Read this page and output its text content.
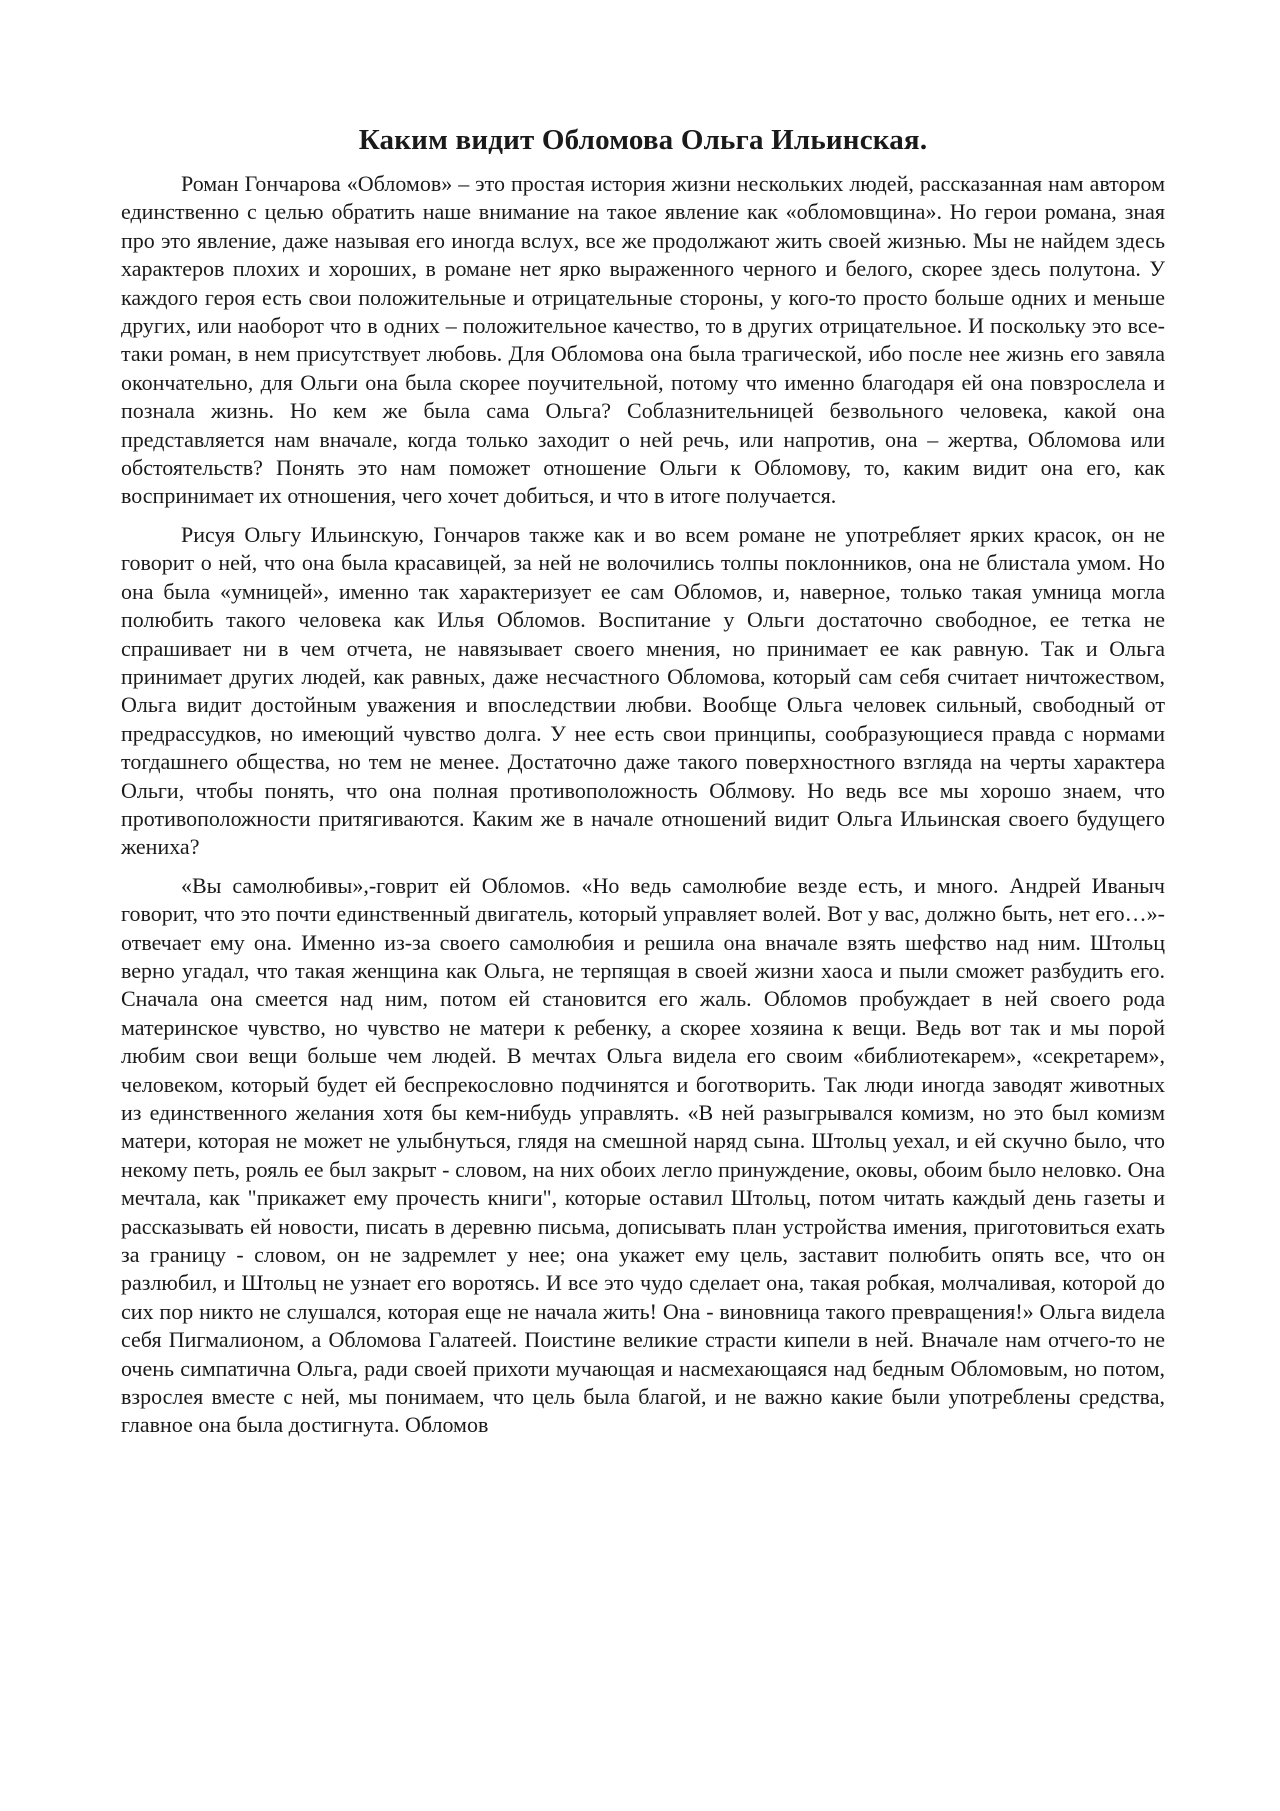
Каким видит Обломова Ольга Ильинская.

Роман Гончарова «Обломов» – это простая история жизни нескольких людей, рассказанная нам автором единственно с целью обратить наше внимание на такое явление как «обломовщина». Но герои романа, зная про это явление, даже называя его иногда вслух, все же продолжают жить своей жизнью. Мы не найдем здесь характеров плохих и хороших, в романе нет ярко выраженного черного и белого, скорее здесь полутона. У каждого героя есть свои положительные и отрицательные стороны, у кого-то просто больше одних и меньше других, или наоборот что в одних – положительное качество, то в других отрицательное. И поскольку это все-таки роман, в нем присутствует любовь. Для Обломова она была трагической, ибо после нее жизнь его завяла окончательно, для Ольги она была скорее поучительной, потому что именно благодаря ей она повзрослела и познала жизнь. Но кем же была сама Ольга? Соблазнительницей безвольного человека, какой она представляется нам вначале, когда только заходит о ней речь, или напротив, она – жертва, Обломова или обстоятельств? Понять это нам поможет отношение Ольги к Обломову, то, каким видит она его, как воспринимает их отношения, чего хочет добиться, и что в итоге получается.

Рисуя Ольгу Ильинскую, Гончаров также как и во всем романе не употребляет ярких красок, он не говорит о ней, что она была красавицей, за ней не волочились толпы поклонников, она не блистала умом. Но она была «умницей», именно так характеризует ее сам Обломов, и, наверное, только такая умница могла полюбить такого человека как Илья Обломов. Воспитание у Ольги достаточно свободное, ее тетка не спрашивает ни в чем отчета, не навязывает своего мнения, но принимает ее как равную. Так и Ольга принимает других людей, как равных, даже несчастного Обломова, который сам себя считает ничтожеством, Ольга видит достойным уважения и впоследствии любви. Вообще Ольга человек сильный, свободный от предрассудков, но имеющий чувство долга. У нее есть свои принципы, сообразующиеся правда с нормами тогдашнего общества, но тем не менее. Достаточно даже такого поверхностного взгляда на черты характера Ольги, чтобы понять, что она полная противоположность Облмову. Но ведь все мы хорошо знаем, что противоположности притягиваются. Каким же в начале отношений видит Ольга Ильинская своего будущего жениха?

«Вы самолюбивы»,-говрит ей Обломов. «Но ведь самолюбие везде есть, и много. Андрей Иваныч говорит, что это почти единственный двигатель, который управляет волей. Вот у вас, должно быть, нет его…»-отвечает ему она. Именно из-за своего самолюбия и решила она вначале взять шефство над ним. Штольц верно угадал, что такая женщина как Ольга, не терпящая в своей жизни хаоса и пыли сможет разбудить его. Сначала она смеется над ним, потом ей становится его жаль. Обломов пробуждает в ней своего рода материнское чувство, но чувство не матери к ребенку, а скорее хозяина к вещи. Ведь вот так и мы порой любим свои вещи больше чем людей. В мечтах Ольга видела его своим «библиотекарем», «секретарем», человеком, который будет ей беспрекословно подчинятся и боготворить. Так люди иногда заводят животных из единственного желания хотя бы кем-нибудь управлять. «В ней разыгрывался комизм, но это был комизм матери, которая не может не улыбнуться, глядя на смешной наряд сына. Штольц уехал, и ей скучно было, что некому петь, рояль ее был закрыт - словом, на них обоих легло принуждение, оковы, обоим было неловко. Она мечтала, как "прикажет ему прочесть книги", которые оставил Штольц, потом читать каждый день газеты и рассказывать ей новости, писать в деревню письма, дописывать план устройства имения, приготовиться ехать за границу - словом, он не задремлет у нее; она укажет ему цель, заставит полюбить опять все, что он разлюбил, и Штольц не узнает его воротясь. И все это чудо сделает она, такая робкая, молчаливая, которой до сих пор никто не слушался, которая еще не начала жить! Она - виновница такого превращения!» Ольга видела себя Пигмалионом, а Обломова Галатеей. Поистине великие страсти кипели в ней. Вначале нам отчего-то не очень симпатична Ольга, ради своей прихоти мучающая и насмехающаяся над бедным Обломовым, но потом, взрослея вместе с ней, мы понимаем, что цель была благой, и не важно какие были употреблены средства, главное она была достигнута. Обломов
